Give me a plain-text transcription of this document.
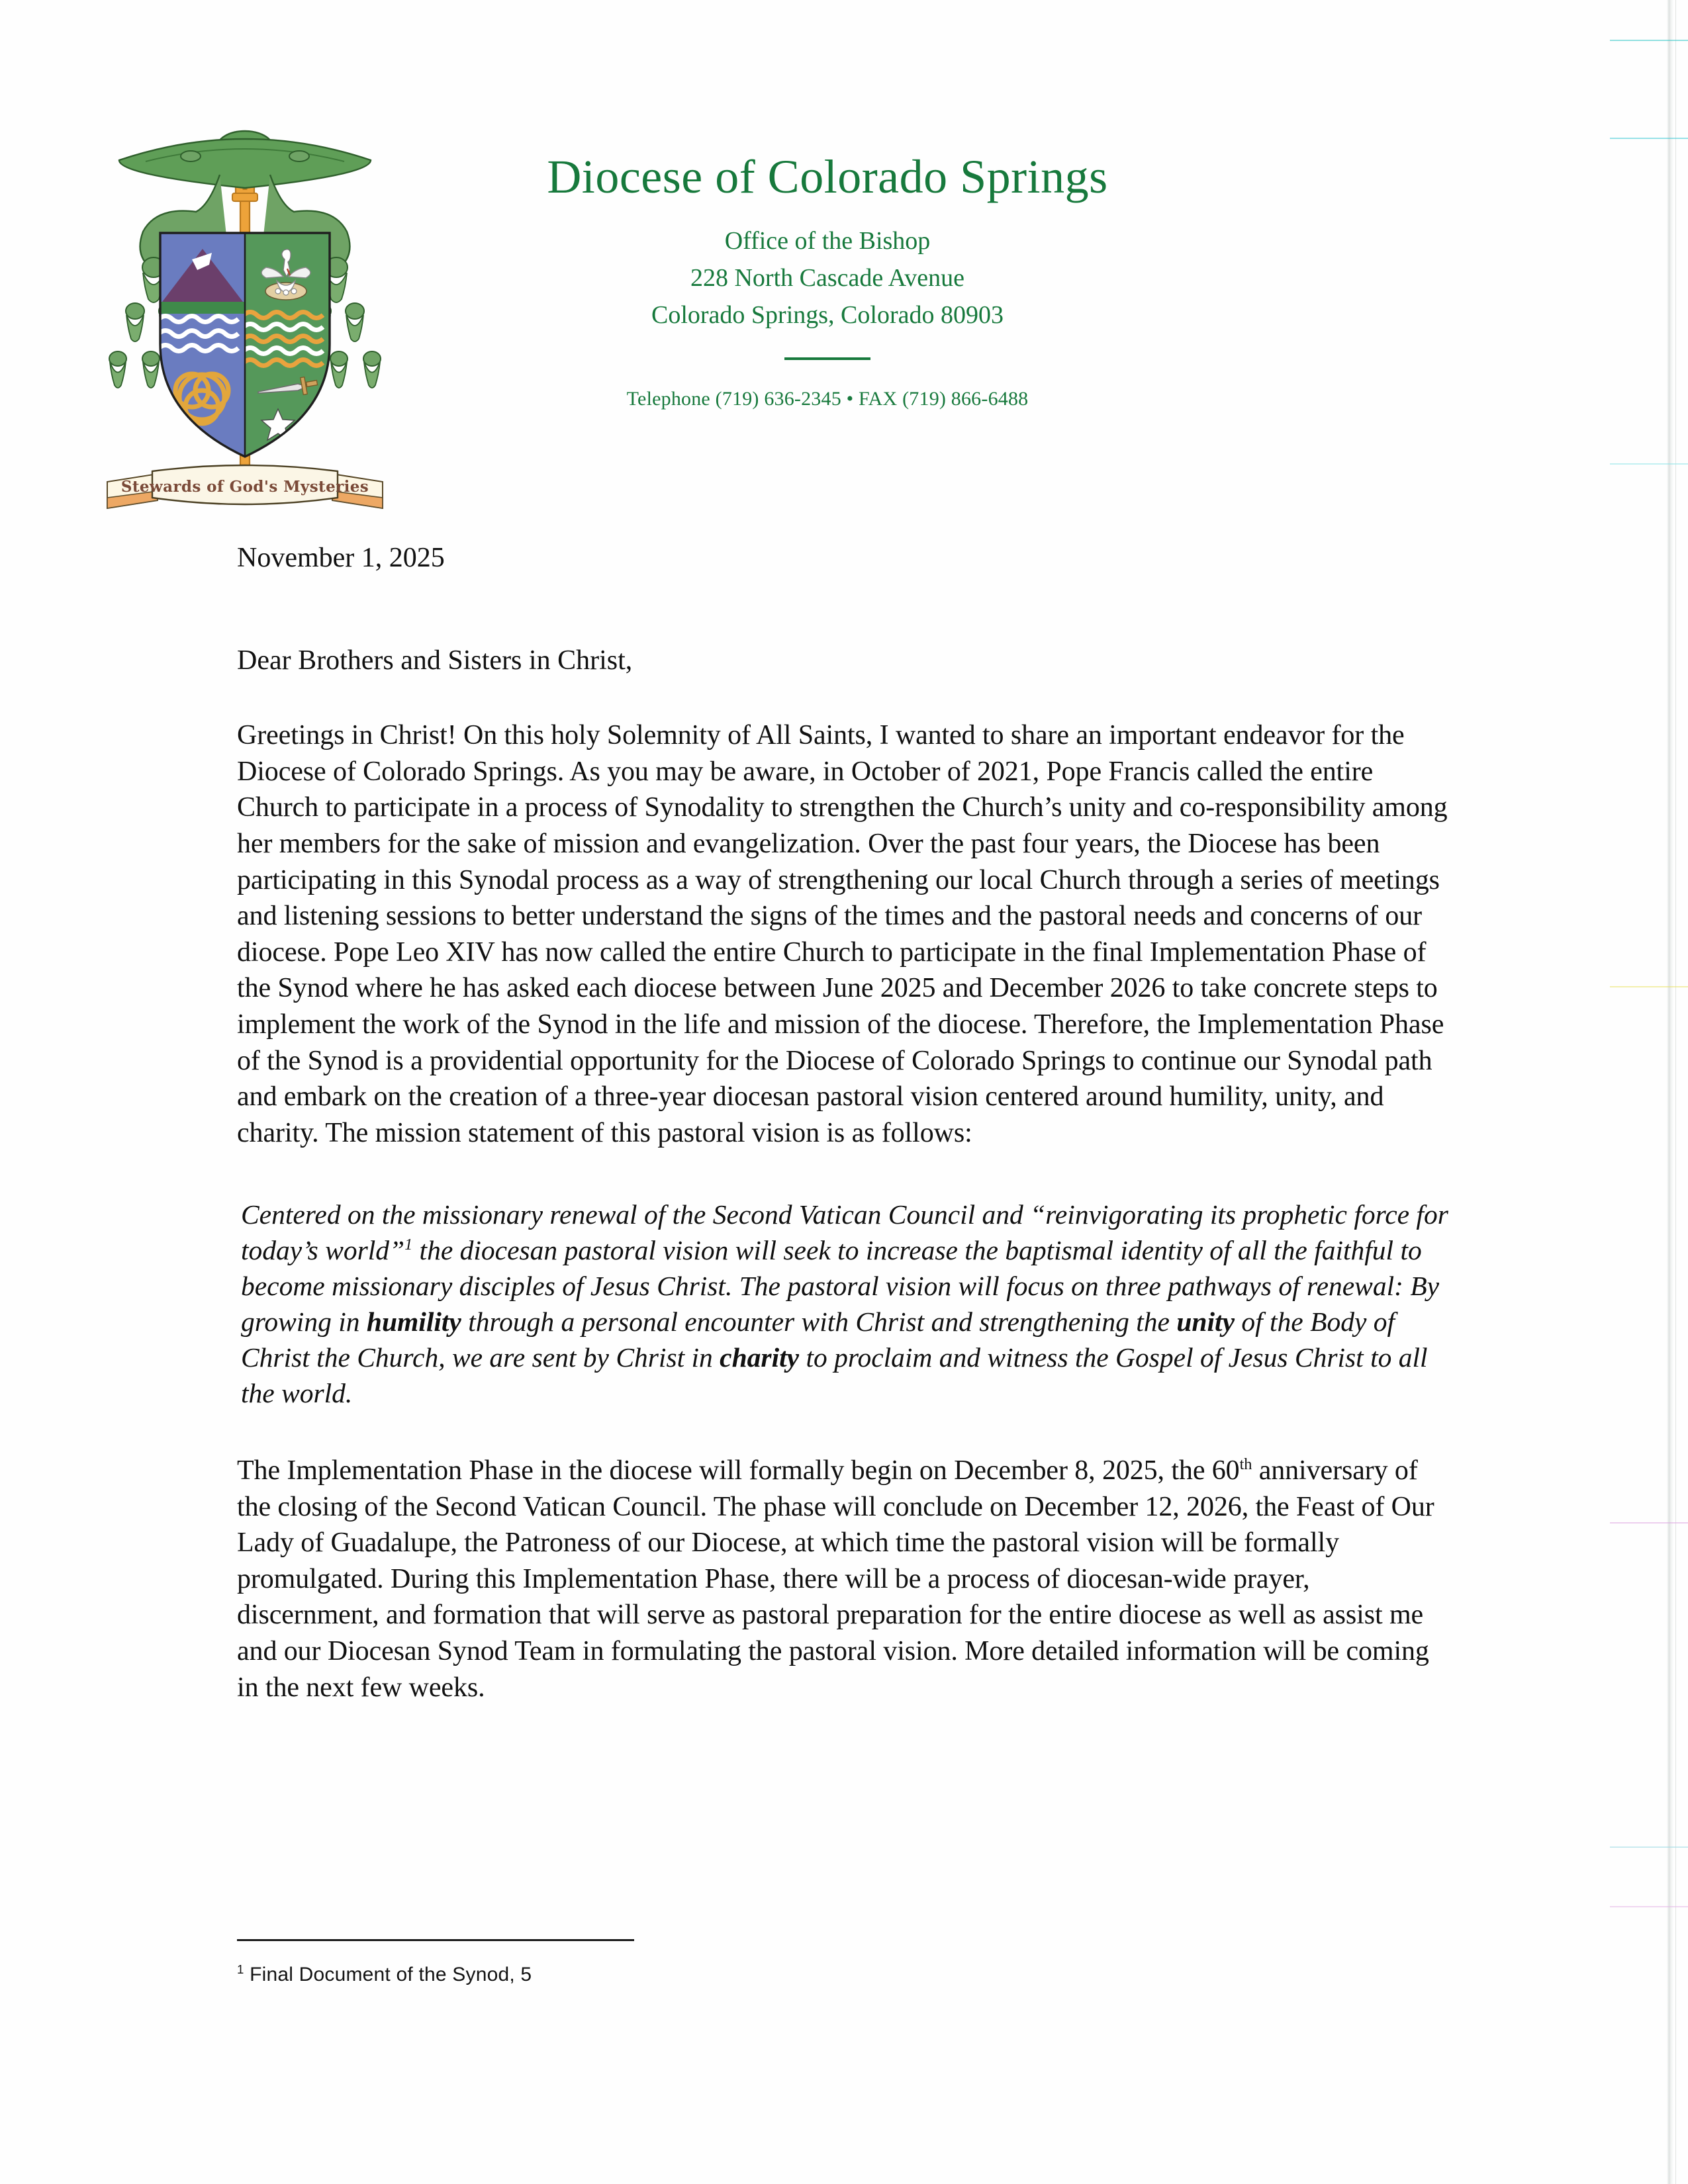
Stewards of God's Mysteries
Diocese of Colorado Springs
Office of the Bishop
228 North Cascade Avenue
Colorado Springs, Colorado 80903
Telephone (719) 636-2345 • FAX (719) 866-6488
November 1, 2025
Dear Brothers and Sisters in Christ,
Greetings in Christ! On this holy Solemnity of All Saints, I wanted to share an important endeavor for the Diocese of Colorado Springs. As you may be aware, in October of 2021, Pope Francis called the entire Church to participate in a process of Synodality to strengthen the Church’s unity and co-responsibility among her members for the sake of mission and evangelization. Over the past four years, the Diocese has been participating in this Synodal process as a way of strengthening our local Church through a series of meetings and listening sessions to better understand the signs of the times and the pastoral needs and concerns of our diocese. Pope Leo XIV has now called the entire Church to participate in the final Implementation Phase of the Synod where he has asked each diocese between June 2025 and December 2026 to take concrete steps to implement the work of the Synod in the life and mission of the diocese. Therefore, the Implementation Phase of the Synod is a providential opportunity for the Diocese of Colorado Springs to continue our Synodal path and embark on the creation of a three-year diocesan pastoral vision centered around humility, unity, and charity. The mission statement of this pastoral vision is as follows:
Centered on the missionary renewal of the Second Vatican Council and “reinvigorating its prophetic force for today’s world”$^1$ the diocesan pastoral vision will seek to increase the baptismal identity of all the faithful to become missionary disciples of Jesus Christ. The pastoral vision will focus on three pathways of renewal: By growing in humility through a personal encounter with Christ and strengthening the unity of the Body of Christ the Church, we are sent by Christ in charity to proclaim and witness the Gospel of Jesus Christ to all the world.
The Implementation Phase in the diocese will formally begin on December 8, 2025, the 60th anniversary of the closing of the Second Vatican Council. The phase will conclude on December 12, 2026, the Feast of Our Lady of Guadalupe, the Patroness of our Diocese, at which time the pastoral vision will be formally promulgated. During this Implementation Phase, there will be a process of diocesan-wide prayer, discernment, and formation that will serve as pastoral preparation for the entire diocese as well as assist me and our Diocesan Synod Team in formulating the pastoral vision. More detailed information will be coming in the next few weeks.
$^1$ Final Document of the Synod, 5
